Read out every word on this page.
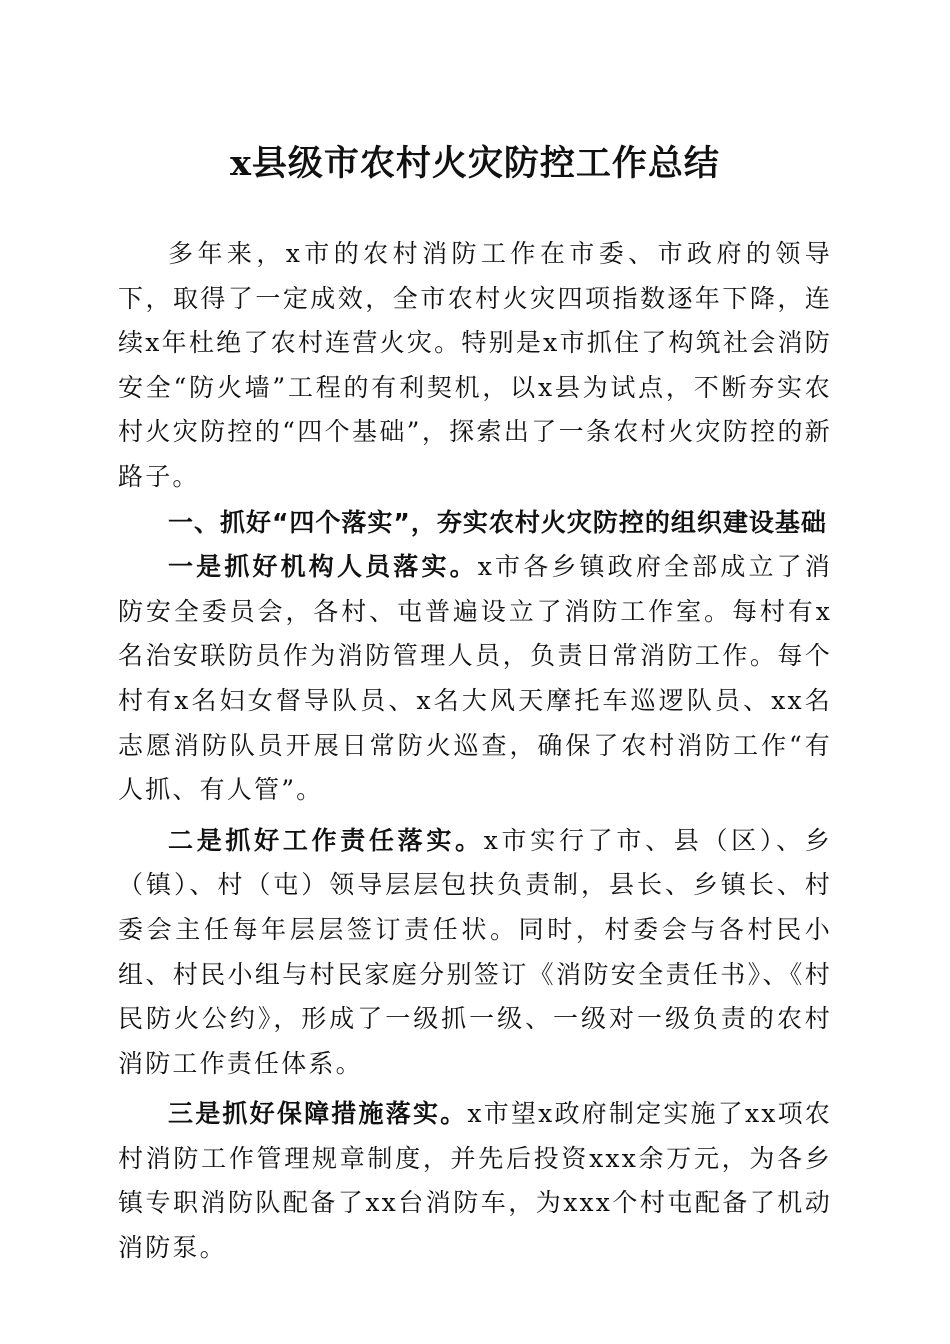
x县级市农村火灾防控工作总结

多年来，x市的农村消防工作在市委、市政府的领导下，取得了一定成效，全市农村火灾四项指数逐年下降，连续x年杜绝了农村连营火灾。特别是x市抓住了构筑社会消防安全“防火墙”工程的有利契机，以x县为试点，不断夯实农村火灾防控的“四个基础”，探索出了一条农村火灾防控的新路子。

一、抓好“四个落实”，夯实农村火灾防控的组织建设基础

一是抓好机构人员落实。x市各乡镇政府全部成立了消防安全委员会，各村、屯普遍设立了消防工作室。每村有x名治安联防员作为消防管理人员，负责日常消防工作。每个村有x名妇女督导队员、x名大风天摩托车巡逻队员、xx名志愿消防队员开展日常防火巡查，确保了农村消防工作“有人抓、有人管”。

二是抓好工作责任落实。x市实行了市、县（区）、乡（镇）、村（屯）领导层层包扶负责制，县长、乡镇长、村委会主任每年层层签订责任状。同时，村委会与各村民小组、村民小组与村民家庭分别签订《消防安全责任书》、《村民防火公约》，形成了一级抓一级、一级对一级负责的农村消防工作责任体系。

三是抓好保障措施落实。x市望x政府制定实施了xx项农村消防工作管理规章制度，并先后投资xxx余万元，为各乡镇专职消防队配备了xx台消防车，为xxx个村屯配备了机动消防泵。
